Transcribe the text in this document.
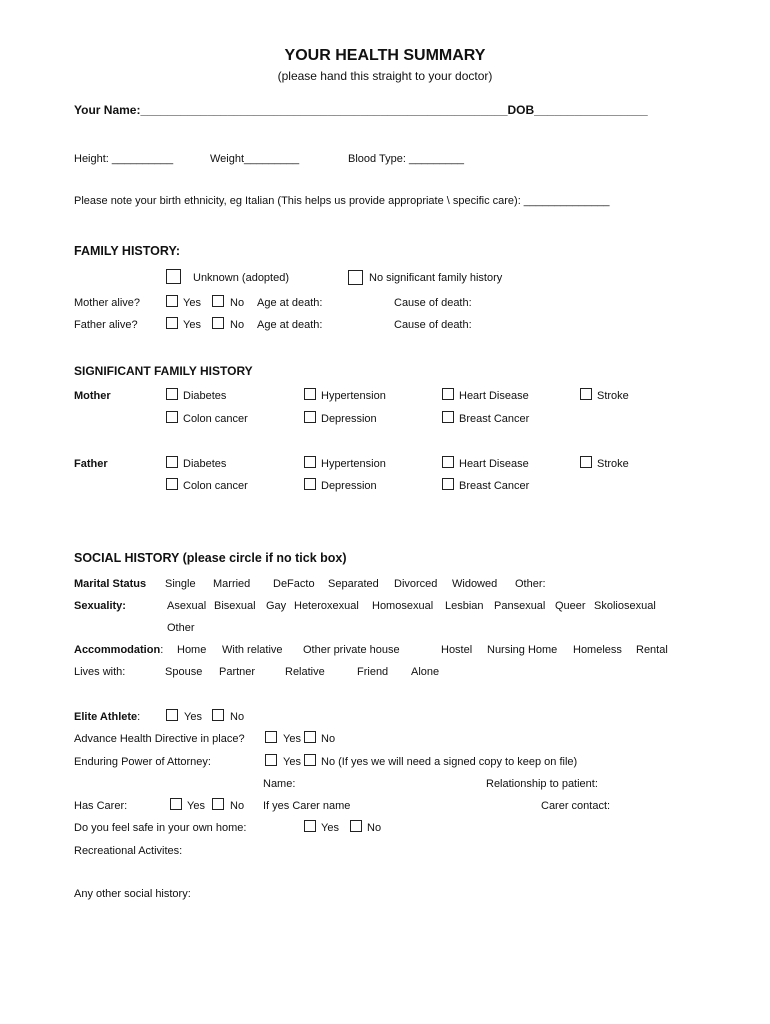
YOUR HEALTH SUMMARY
(please hand this straight to your doctor)
Your Name:_______________________________________________________DOB_________________
Height: __________	Weight_________	Blood Type: _________
Please note your birth ethnicity, eg Italian (This helps us provide appropriate \ specific care): ______________
FAMILY HISTORY:
Unknown (adopted)	No significant family history
Mother alive?	Yes	No Age at death:	Cause of death:
Father alive?	Yes	No Age at death:	Cause of death:
SIGNIFICANT FAMILY HISTORY
Mother	Diabetes	Hypertension	Heart Disease	Stroke
Colon cancer	Depression	Breast Cancer
Father	Diabetes	Hypertension	Heart Disease	Stroke
Colon cancer	Depression	Breast Cancer
SOCIAL HISTORY (please circle if no tick box)
Marital Status Single Married DeFacto Separated Divorced Widowed Other:
Sexuality:	Asexual Bisexual Gay Heteroxexual Homosexual Lesbian Pansexual Queer Skoliosexual
Other
Accommodation: Home With relative Other private house	Hostel Nursing Home Homeless Rental
Lives with:	Spouse Partner	Relative	Friend Alone
Elite Athlete:	Yes	No
Advance Health Directive in place?	Yes No
Enduring Power of Attorney:	Yes No (If yes we will need a signed copy to keep on file)
Name:	Relationship to patient:
Has Carer:	Yes No If yes Carer name	Carer contact:
Do you feel safe in your own home:	Yes	No
Recreational Activites:
Any other social history:
